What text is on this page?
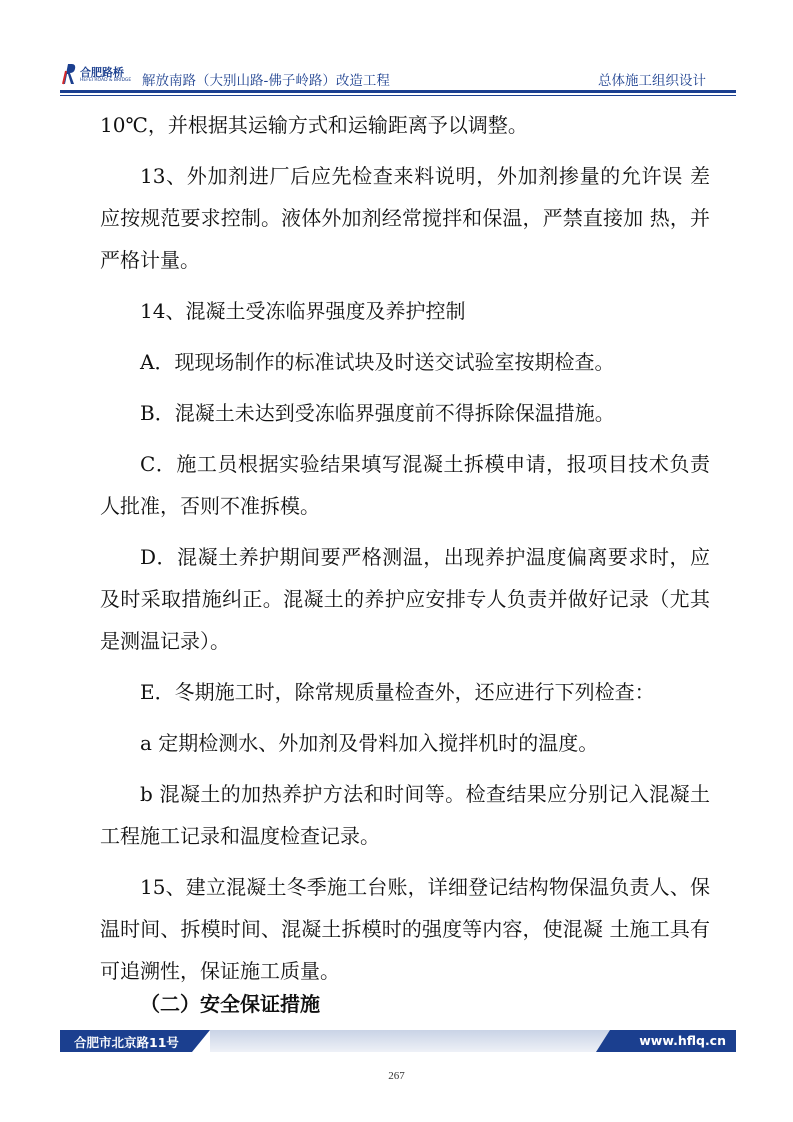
合肥路桥
HEFEI ROAD & BRIDGE 解放南路（大别山路-佛子岭路）改造工程	总体施工组织设计

10℃，并根据其运输方式和运输距离予以调整。

13、外加剂进厂后应先检查来料说明，外加剂掺量的允许误 差应按规范要求控制。液体外加剂经常搅拌和保温，严禁直接加 热，并严格计量。

14、混凝土受冻临界强度及养护控制

A．现现场制作的标准试块及时送交试验室按期检查。

B．混凝土未达到受冻临界强度前不得拆除保温措施。

C．施工员根据实验结果填写混凝土拆模申请，报项目技术负责人批准，否则不准拆模。

D．混凝土养护期间要严格测温，出现养护温度偏离要求时，应及时采取措施纠正。混凝土的养护应安排专人负责并做好记录（尤其是测温记录）。

E．冬期施工时，除常规质量检查外，还应进行下列检查：

a 定期检测水、外加剂及骨料加入搅拌机时的温度。

b 混凝土的加热养护方法和时间等。检查结果应分别记入混凝土工程施工记录和温度检查记录。

15、建立混凝土冬季施工台账，详细登记结构物保温负责人、保温时间、拆模时间、混凝土拆模时的强度等内容，使混凝 土施工具有可追溯性，保证施工质量。

（二）安全保证措施
合肥市北京路11号	www.hflq.cn
267
